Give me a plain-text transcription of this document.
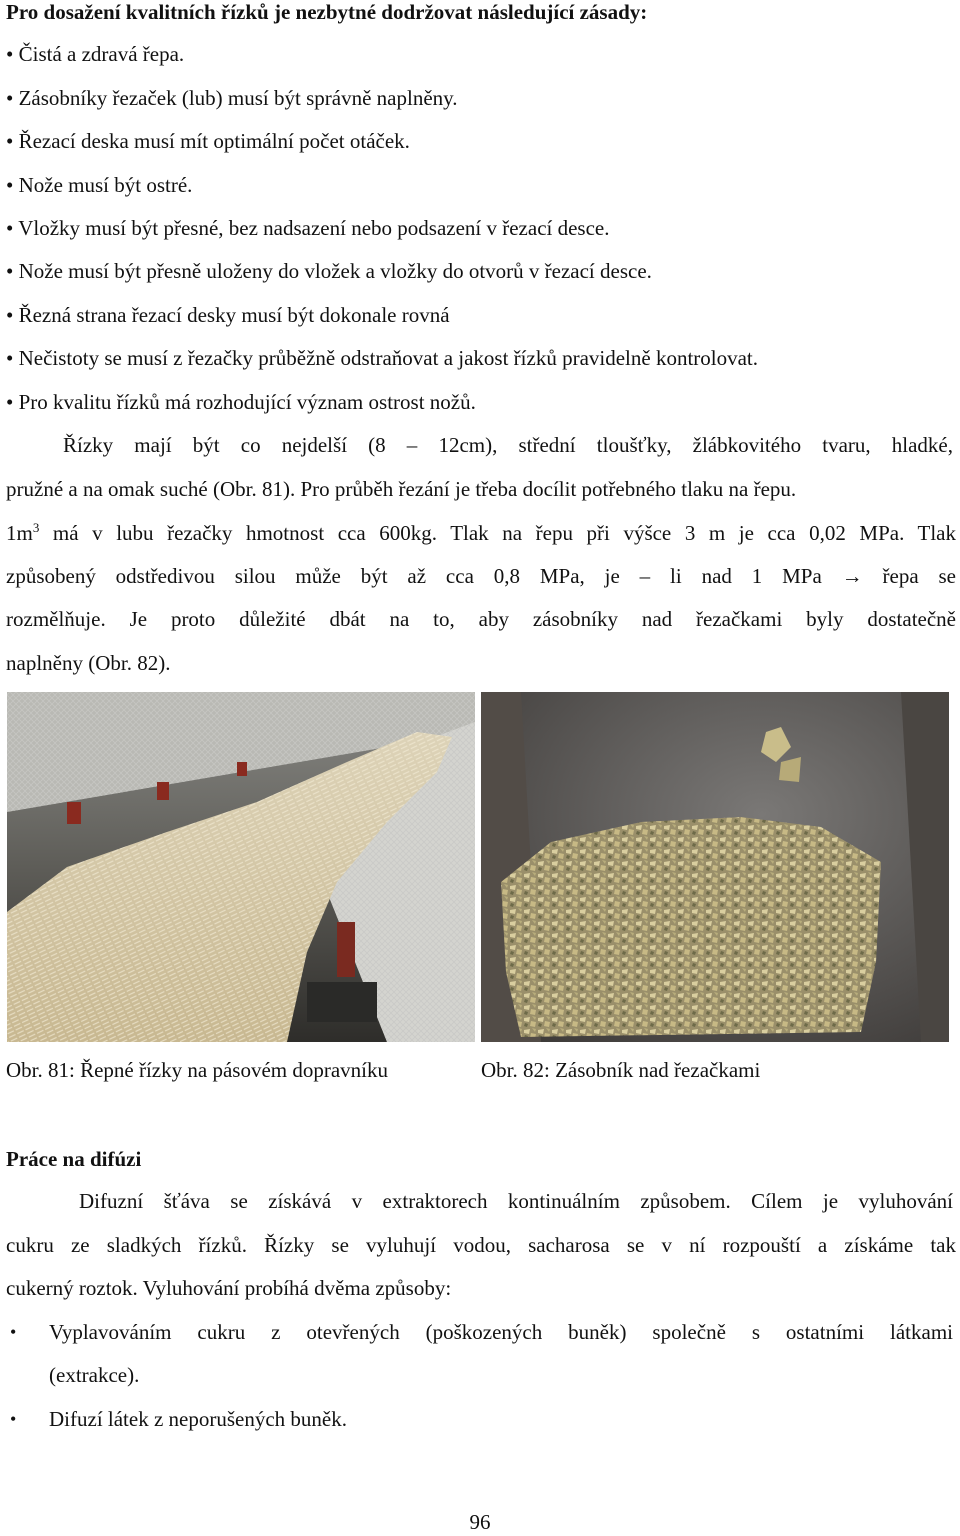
Pro dosažení kvalitních řízků je nezbytné dodržovat následující zásady:
• Čistá a zdravá řepa.
• Zásobníky řezaček (lub) musí být správně naplněny.
• Řezací deska musí mít optimální počet otáček.
• Nože musí být ostré.
• Vložky musí být přesné, bez nadsazení nebo podsazení v řezací desce.
• Nože musí být přesně uloženy do vložek a vložky do otvorů v řezací desce.
• Řezná strana řezací desky musí být dokonale rovná
• Nečistoty se musí z řezačky průběžně odstraňovat a jakost řízků pravidelně kontrolovat.
• Pro kvalitu řízků má rozhodující význam ostrost nožů.
Řízky mají být co nejdelší (8 – 12cm), střední tloušťky, žlábkovitého tvaru, hladké,
pružné a na omak suché (Obr. 81). Pro průběh řezání je třeba docílit potřebného tlaku na řepu.
$1m^3$ má v lubu řezačky hmotnost cca 600kg. Tlak na řepu při výšce 3 m je cca 0,02 MPa. Tlak
způsobený odstředivou silou může být až cca 0,8 MPa, je – li nad 1 MPa → řepa se
rozmělňuje. Je proto důležité dbát na to, aby zásobníky nad řezačkami byly dostatečně
naplněny (Obr. 82).
Obr. 81: Řepné řízky na pásovém dopravníku	Obr. 82: Zásobník nad řezačkami
Práce na difúzi
Difuzní šťáva se získává v extraktorech kontinuálním způsobem. Cílem je vyluhování
cukru ze sladkých řízků. Řízky se vyluhují vodou, sacharosa se v ní rozpouští a získáme tak
cukerný roztok. Vyluhování probíhá dvěma způsoby:
• Vyplavováním cukru z otevřených (poškozených buněk) společně s ostatními látkami
(extrakce).
• Difuzí látek z neporušených buněk.
96
